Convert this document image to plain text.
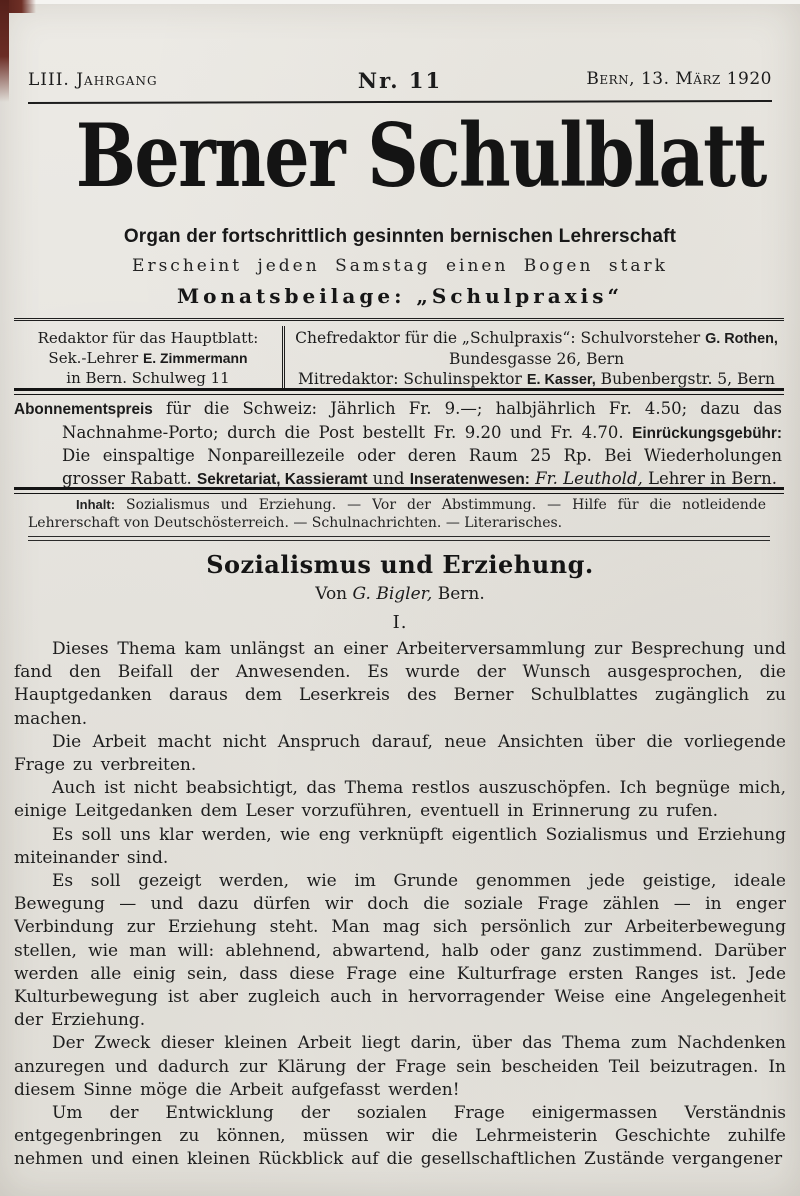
LIII. Jahrgang	Nr. 11	Bern, 13. März 1920
Berner Schulblatt
Organ der fortschrittlich gesinnten bernischen Lehrerschaft
Erscheint jeden Samstag einen Bogen stark
Monatsbeilage: „Schulpraxis“
Redaktor für das Hauptblatt:
Sek.-Lehrer E. Zimmermann
in Bern. Schulweg 11
Chefredaktor für die „Schulpraxis“: Schulvorsteher G. Rothen,
Bundesgasse 26, Bern
Mitredaktor: Schulinspektor E. Kasser, Bubenbergstr. 5, Bern
Abonnementspreis für die Schweiz: Jährlich Fr. 9.—; halbjährlich Fr. 4.50; dazu das Nachnahme-Porto; durch die Post bestellt Fr. 9.20 und Fr. 4.70. Einrückungsgebühr: Die einspaltige Nonpareillezeile oder deren Raum 25 Rp. Bei Wiederholungen grosser Rabatt. Sekretariat, Kassieramt und Inseratenwesen: Fr. Leuthold, Lehrer in Bern.
Inhalt: Sozialismus und Erziehung. — Vor der Abstimmung. — Hilfe für die notleidende Lehrerschaft von Deutschösterreich. — Schulnachrichten. — Literarisches.
Sozialismus und Erziehung.
Von G. Bigler, Bern.
I.

Dieses Thema kam unlängst an einer Arbeiterversammlung zur Besprechung und fand den Beifall der Anwesenden. Es wurde der Wunsch ausgesprochen, die Hauptgedanken daraus dem Leserkreis des Berner Schulblattes zugänglich zu machen.

Die Arbeit macht nicht Anspruch darauf, neue Ansichten über die vorliegende Frage zu verbreiten.

Auch ist nicht beabsichtigt, das Thema restlos auszuschöpfen. Ich begnüge mich, einige Leitgedanken dem Leser vorzuführen, eventuell in Erinnerung zu rufen.

Es soll uns klar werden, wie eng verknüpft eigentlich Sozialismus und Erziehung miteinander sind.

Es soll gezeigt werden, wie im Grunde genommen jede geistige, ideale Bewegung — und dazu dürfen wir doch die soziale Frage zählen — in enger Verbindung zur Erziehung steht. Man mag sich persönlich zur Arbeiterbewegung stellen, wie man will: ablehnend, abwartend, halb oder ganz zustimmend. Darüber werden alle einig sein, dass diese Frage eine Kulturfrage ersten Ranges ist. Jede Kulturbewegung ist aber zugleich auch in hervorragender Weise eine Angelegenheit der Erziehung.

Der Zweck dieser kleinen Arbeit liegt darin, über das Thema zum Nachdenken anzuregen und dadurch zur Klärung der Frage sein bescheiden Teil beizutragen. In diesem Sinne möge die Arbeit aufgefasst werden!

Um der Entwicklung der sozialen Frage einigermassen Verständnis entgegenbringen zu können, müssen wir die Lehrmeisterin Geschichte zuhilfe nehmen und einen kleinen Rückblick auf die gesellschaftlichen Zustände vergangener
